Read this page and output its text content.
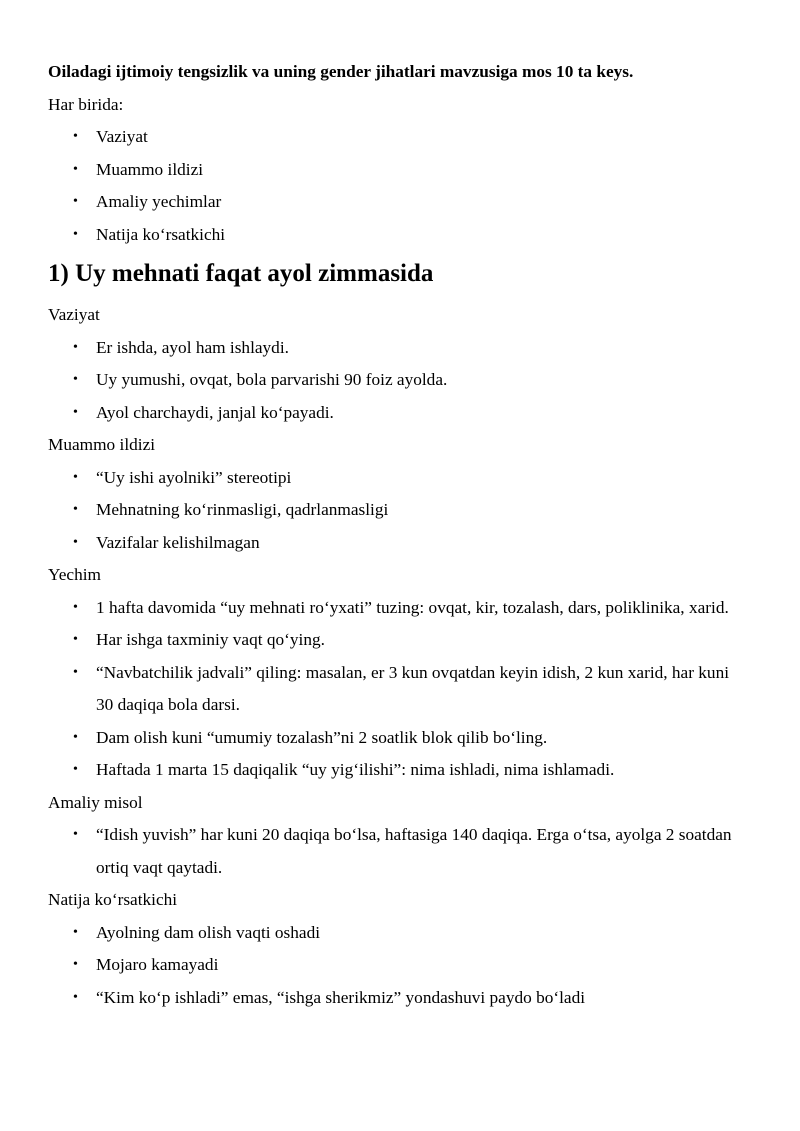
Oiladagi ijtimoiy tengsizlik va uning gender jihatlari mavzusiga mos 10 ta keys.

Har birida:

• Vaziyat
• Muammo ildizi
• Amaliy yechimlar
• Natija ko‘rsatkichi
1) Uy mehnati faqat ayol zimmasida

Vaziyat

• Er ishda, ayol ham ishlaydi.
• Uy yumushi, ovqat, bola parvarishi 90 foiz ayolda.
• Ayol charchaydi, janjal ko‘payadi.

Muammo ildizi

• “Uy ishi ayolniki” stereotipi
• Mehnatning ko‘rinmasligi, qadrlanmasligi
• Vazifalar kelishilmagan

Yechim

• 1 hafta davomida “uy mehnati ro‘yxati” tuzing: ovqat, kir, tozalash, dars, poliklinika, xarid.
• Har ishga taxminiy vaqt qo‘ying.
• “Navbatchilik jadvali” qiling: masalan, er 3 kun ovqatdan keyin idish, 2 kun xarid, har kuni 30 daqiqa bola darsi.
• Dam olish kuni “umumiy tozalash”ni 2 soatlik blok qilib bo‘ling.
• Haftada 1 marta 15 daqiqalik “uy yig‘ilishi”: nima ishladi, nima ishlamadi.

Amaliy misol

• “Idish yuvish” har kuni 20 daqiqa bo‘lsa, haftasiga 140 daqiqa. Erga o‘tsa, ayolga 2 soatdan ortiq vaqt qaytadi.

Natija ko‘rsatkichi

• Ayolning dam olish vaqti oshadi
• Mojaro kamayadi
• “Kim ko‘p ishladi” emas, “ishga sherikmiz” yondashuvi paydo bo‘ladi
